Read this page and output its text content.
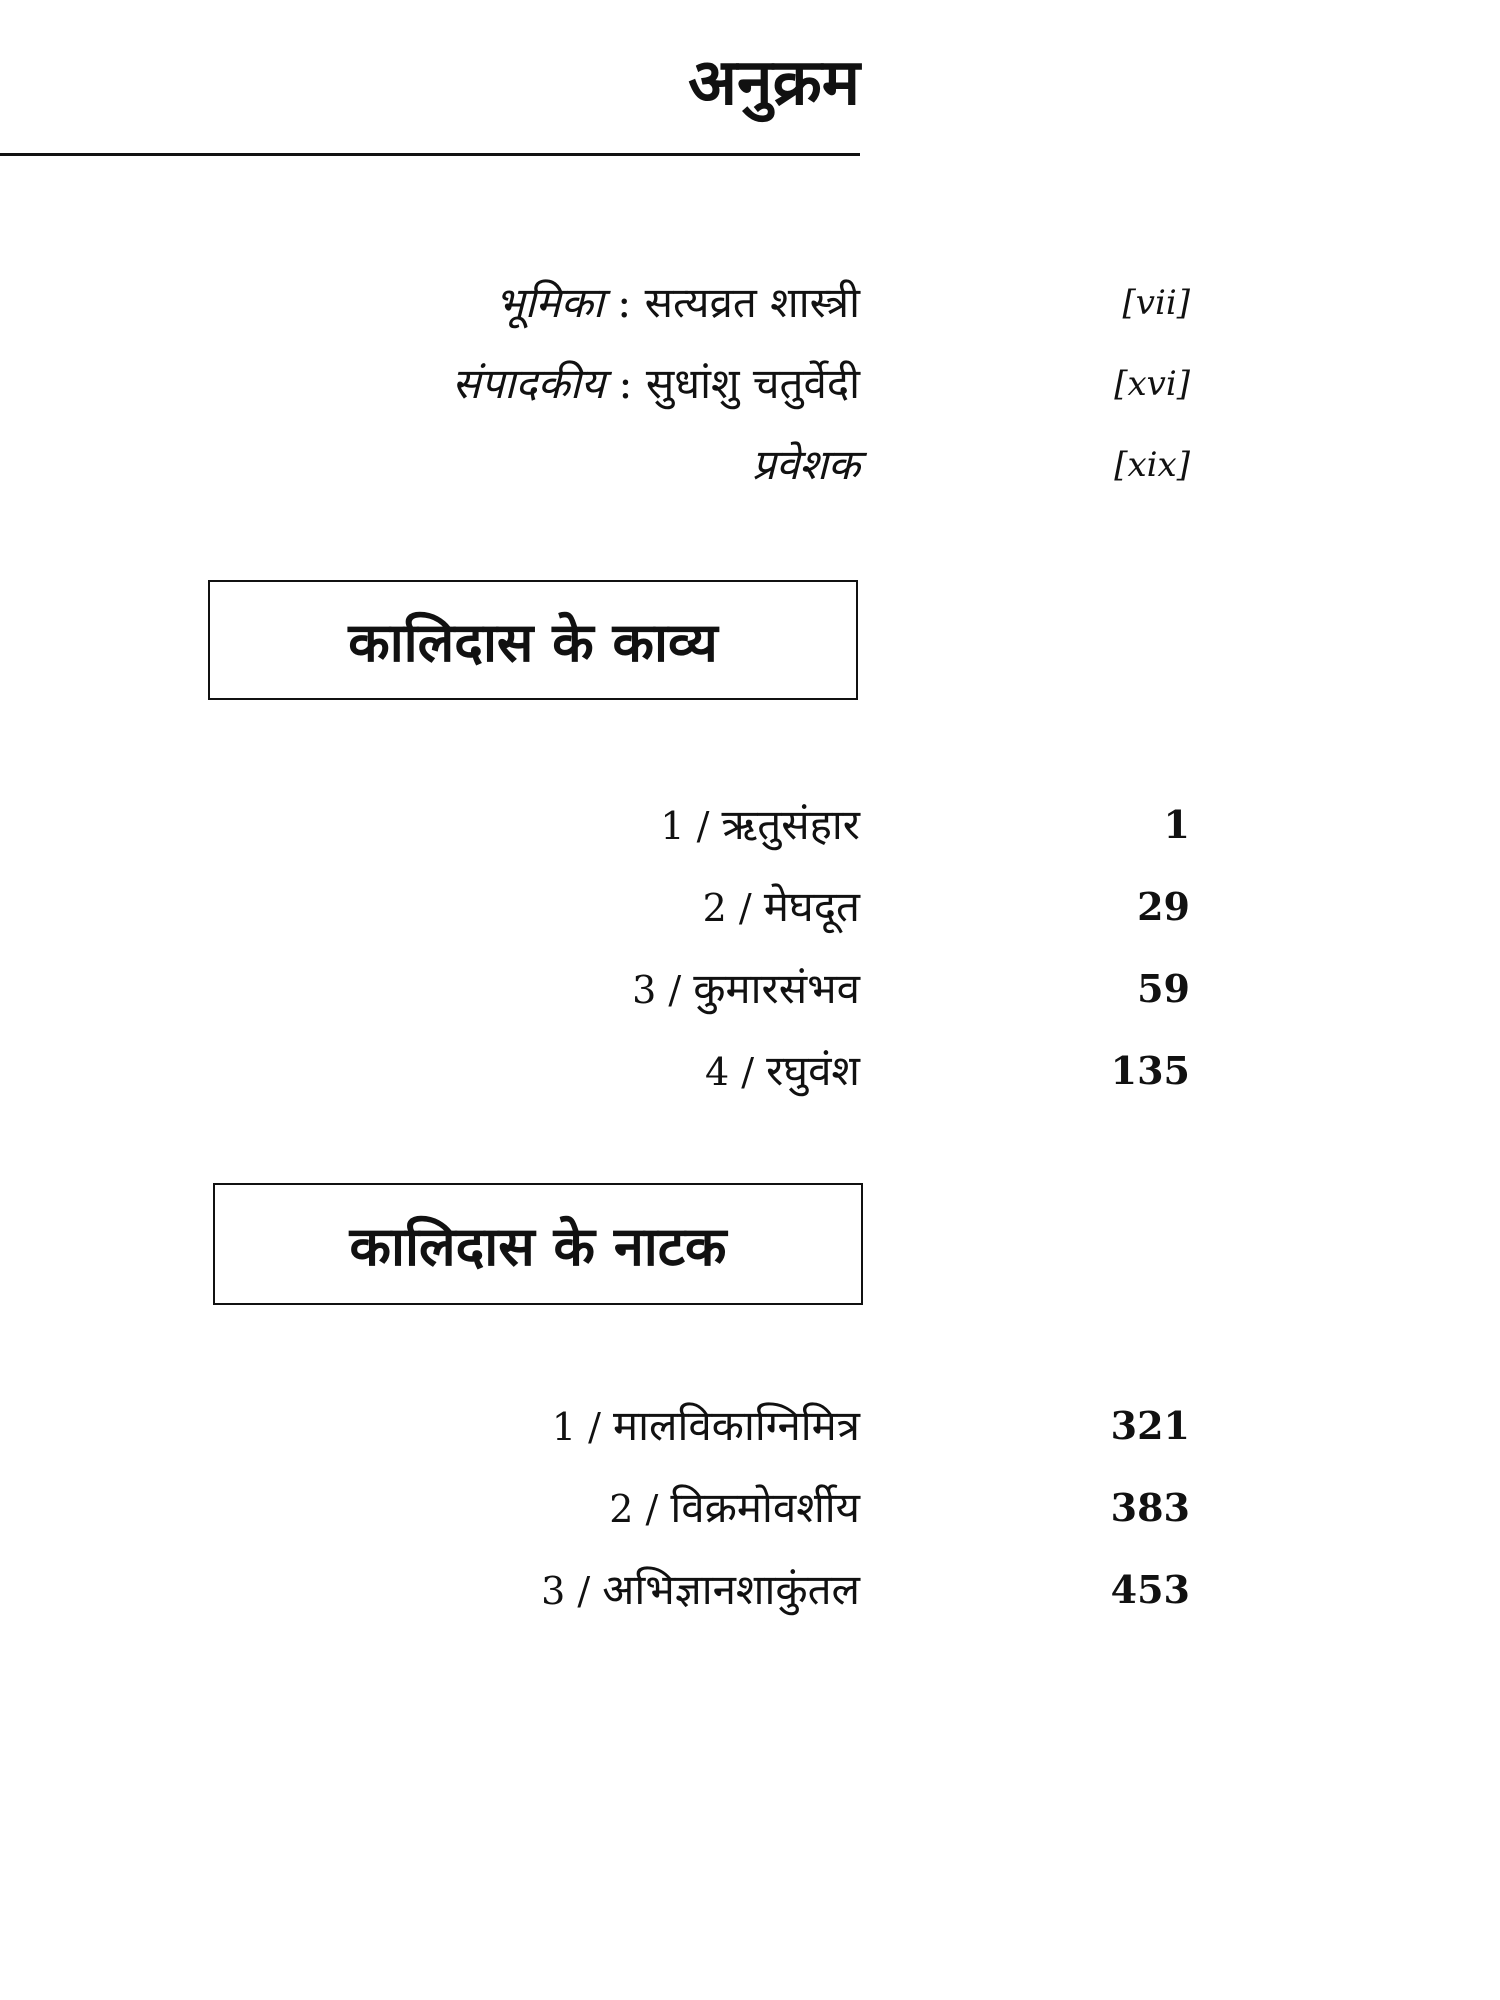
अनुक्रम
भूमिका : सत्यव्रत शास्त्री	[vii]
संपादकीय : सुधांशु चतुर्वेदी	[xvi]
प्रवेशक	[xix]
कालिदास के काव्य
1 / ऋतुसंहार	1
2 / मेघदूत	29
3 / कुमारसंभव	59
4 / रघुवंश	135
कालिदास के नाटक
1 / मालविकाग्निमित्र	321
2 / विक्रमोवर्शीय	383
3 / अभिज्ञानशाकुंतल	453
